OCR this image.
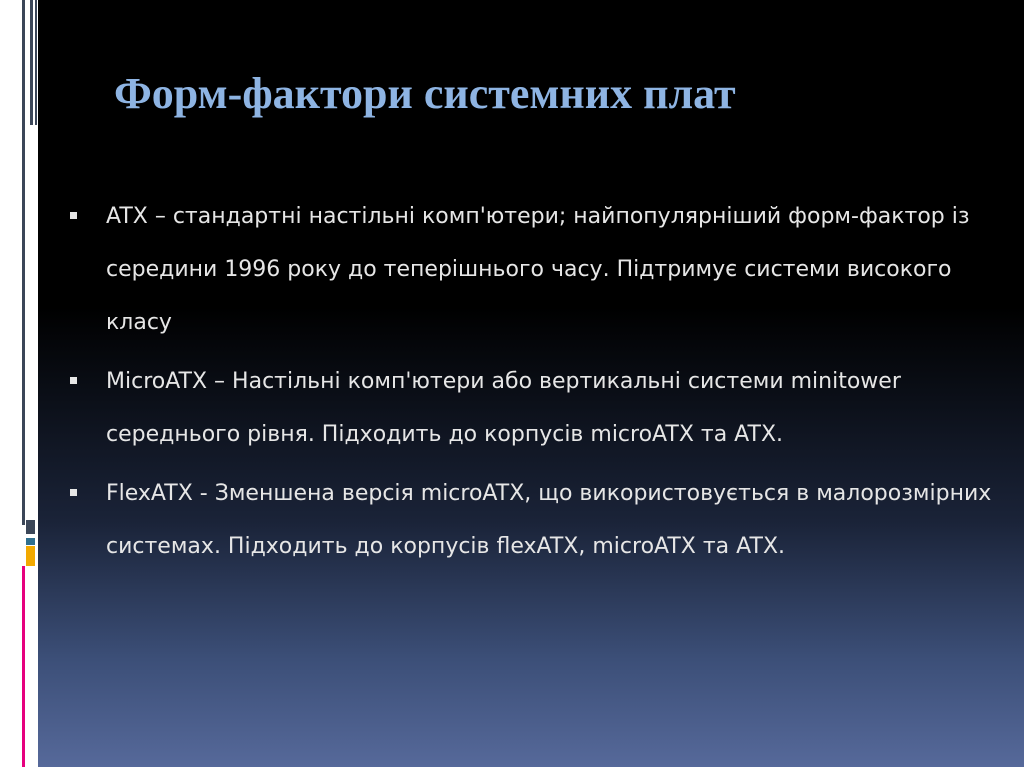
Форм-фактори системних плат
ATX – стандартні настільні комп'ютери; найпопулярніший форм-фактор із середини 1996 року до теперішнього часу. Підтримує системи високого класу
MicroATX – Настільні комп'ютери або вертикальні системи minitower середнього рівня. Підходить до корпусів microATX та ATX.
FlexATX - Зменшена версія microATX, що використовується в малорозмірних системах. Підходить до корпусів flexATX, microATX та ATX.
